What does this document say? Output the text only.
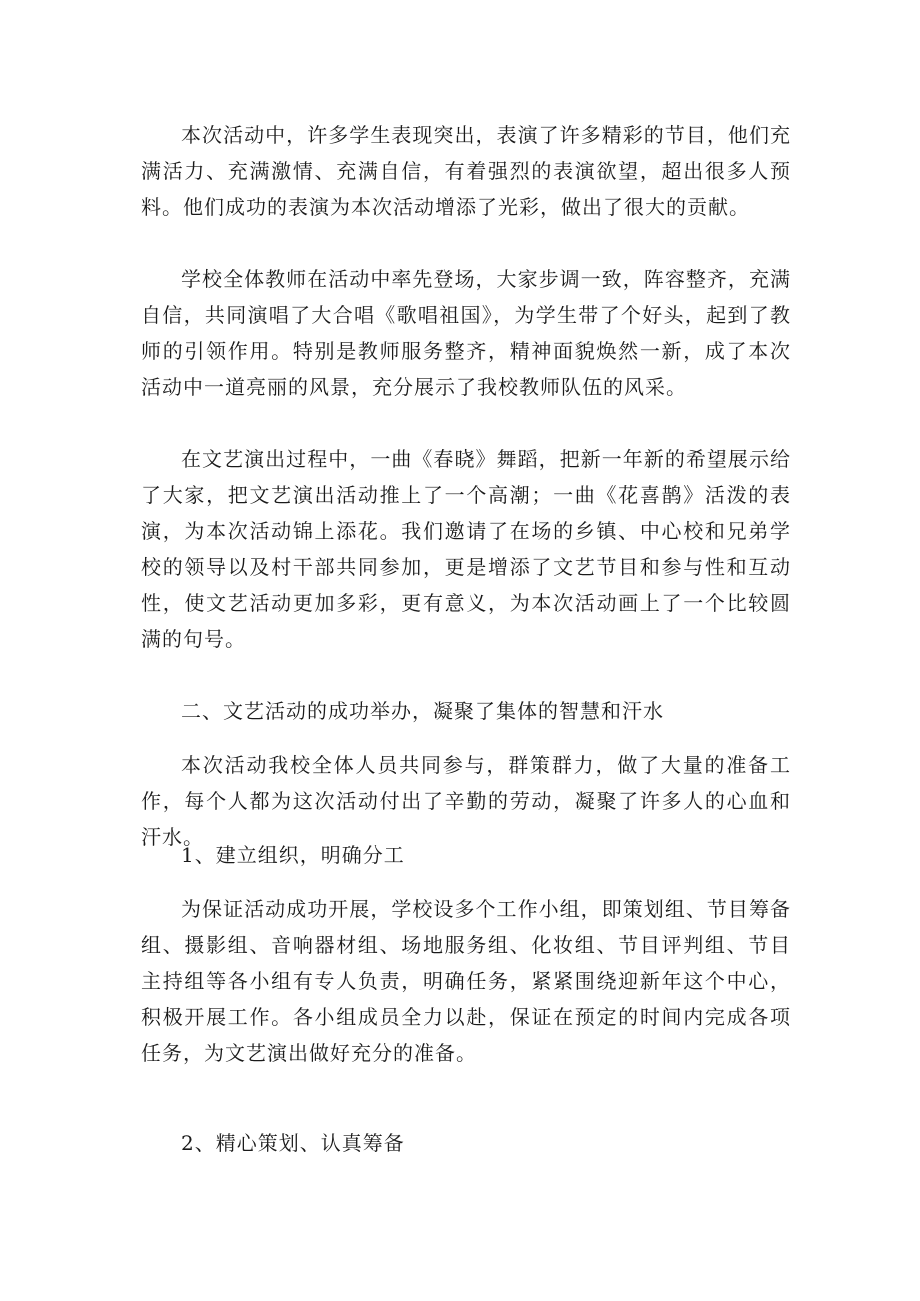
本次活动中，许多学生表现突出，表演了许多精彩的节目，他们充满活力、充满激情、充满自信，有着强烈的表演欲望，超出很多人预料。他们成功的表演为本次活动增添了光彩，做出了很大的贡献。

学校全体教师在活动中率先登场，大家步调一致，阵容整齐，充满自信，共同演唱了大合唱《歌唱祖国》，为学生带了个好头，起到了教师的引领作用。特别是教师服务整齐，精神面貌焕然一新，成了本次活动中一道亮丽的风景，充分展示了我校教师队伍的风采。

在文艺演出过程中，一曲《春晓》舞蹈，把新一年新的希望展示给了大家，把文艺演出活动推上了一个高潮；一曲《花喜鹊》活泼的表演，为本次活动锦上添花。我们邀请了在场的乡镇、中心校和兄弟学校的领导以及村干部共同参加，更是增添了文艺节目和参与性和互动性，使文艺活动更加多彩，更有意义，为本次活动画上了一个比较圆满的句号。

二、文艺活动的成功举办，凝聚了集体的智慧和汗水

本次活动我校全体人员共同参与，群策群力，做了大量的准备工作，每个人都为这次活动付出了辛勤的劳动，凝聚了许多人的心血和汗水。

1、建立组织，明确分工

为保证活动成功开展，学校设多个工作小组，即策划组、节目筹备组、摄影组、音响器材组、场地服务组、化妆组、节目评判组、节目主持组等各小组有专人负责，明确任务，紧紧围绕迎新年这个中心，积极开展工作。各小组成员全力以赴，保证在预定的时间内完成各项任务，为文艺演出做好充分的准备。

2、精心策划、认真筹备
